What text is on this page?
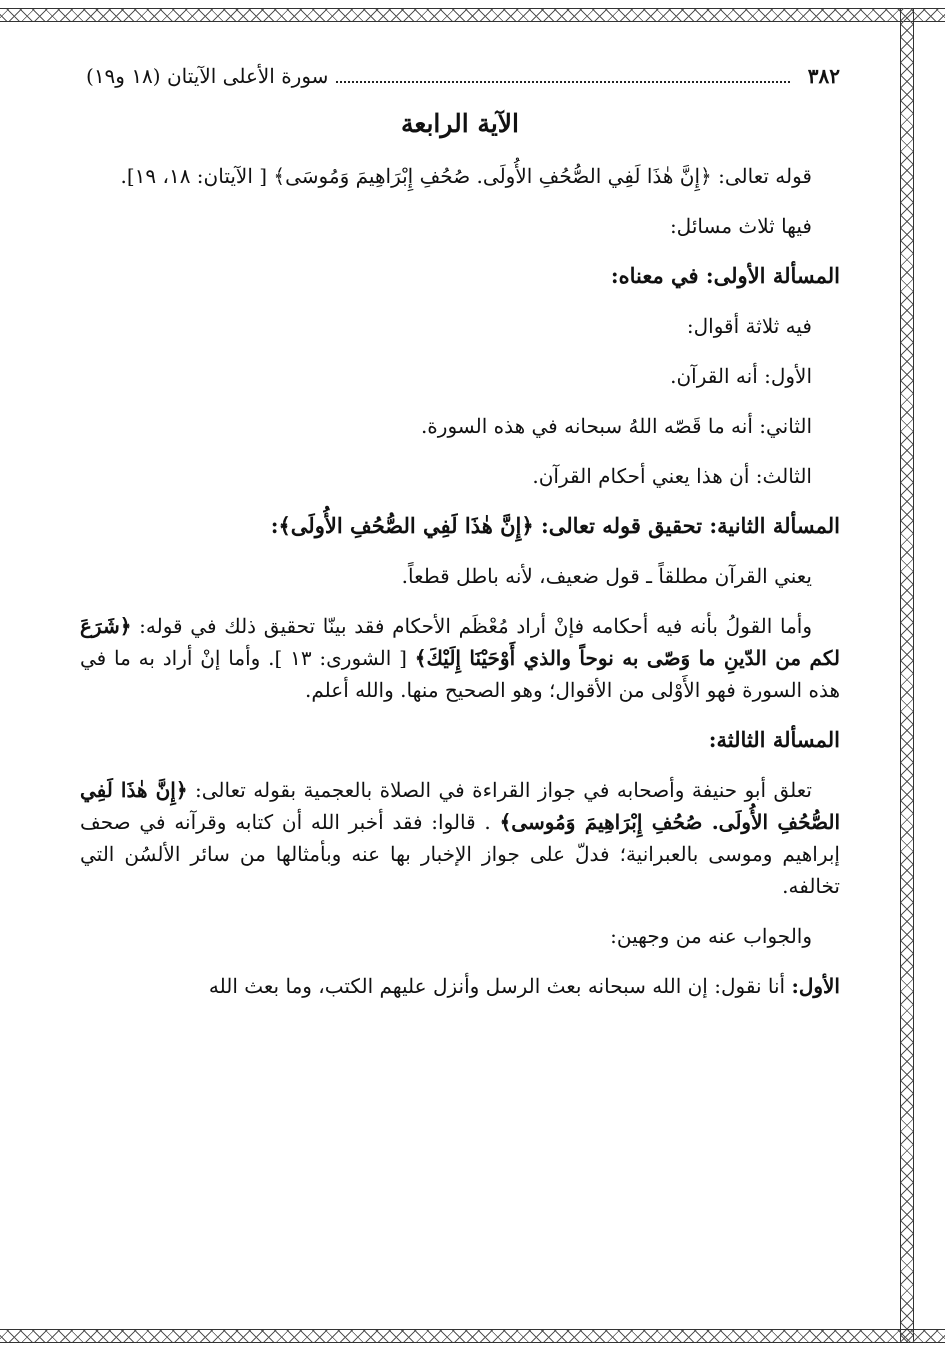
٣٨٢
سورة الأعلى الآيتان (١٨ و١٩)
الآية الرابعة

قوله تعالى: ﴿إِنَّ هٰذَا لَفِي الصُّحُفِ الأُولَى. صُحُفِ إِبْرَاهِيمَ وَمُوسَى﴾ [ الآيتان: ١٨، ١٩].

فيها ثلاث مسائل:

المسألة الأولى: في معناه:

فيه ثلاثة أقوال:

الأول: أنه القرآن.

الثاني: أنه ما قَصّه اللهُ سبحانه في هذه السورة.

الثالث: أن هذا يعني أحكام القرآن.

المسألة الثانية: تحقيق قوله تعالى: ﴿إِنَّ هٰذَا لَفِي الصُّحُفِ الأُولَى﴾:

يعني القرآن مطلقاً ـ قول ضعيف، لأنه باطل قطعاً.

وأما القولُ بأنه فيه أحكامه فإنْ أراد مُعْظَم الأحكام فقد بينّا تحقيق ذلك في قوله: ﴿شَرَعَ لكم من الدّينِ ما وَصّى به نوحاً والذي أَوْحَيْنَا إِلَيْكَ﴾ [ الشورى: ١٣ ]. وأما إنْ أراد به ما في هذه السورة فهو الأَوْلى من الأقوال؛ وهو الصحيح منها. والله أعلم.

المسألة الثالثة:

تعلق أبو حنيفة وأصحابه في جواز القراءة في الصلاة بالعجمية بقوله تعالى: ﴿إِنَّ هٰذَا لَفِي الصُّحُفِ الأُولَى. صُحُفِ إِبْرَاهِيمَ وَمُوسى﴾ . قالوا: فقد أخبر الله أن كتابه وقرآنه في صحف إبراهيم وموسى بالعبرانية؛ فدلّ على جواز الإخبار بها عنه وبأمثالها من سائر الألسُن التي تخالفه.

والجواب عنه من وجهين:

الأول: أنا نقول: إن الله سبحانه بعث الرسل وأنزل عليهم الكتب، وما بعث الله
